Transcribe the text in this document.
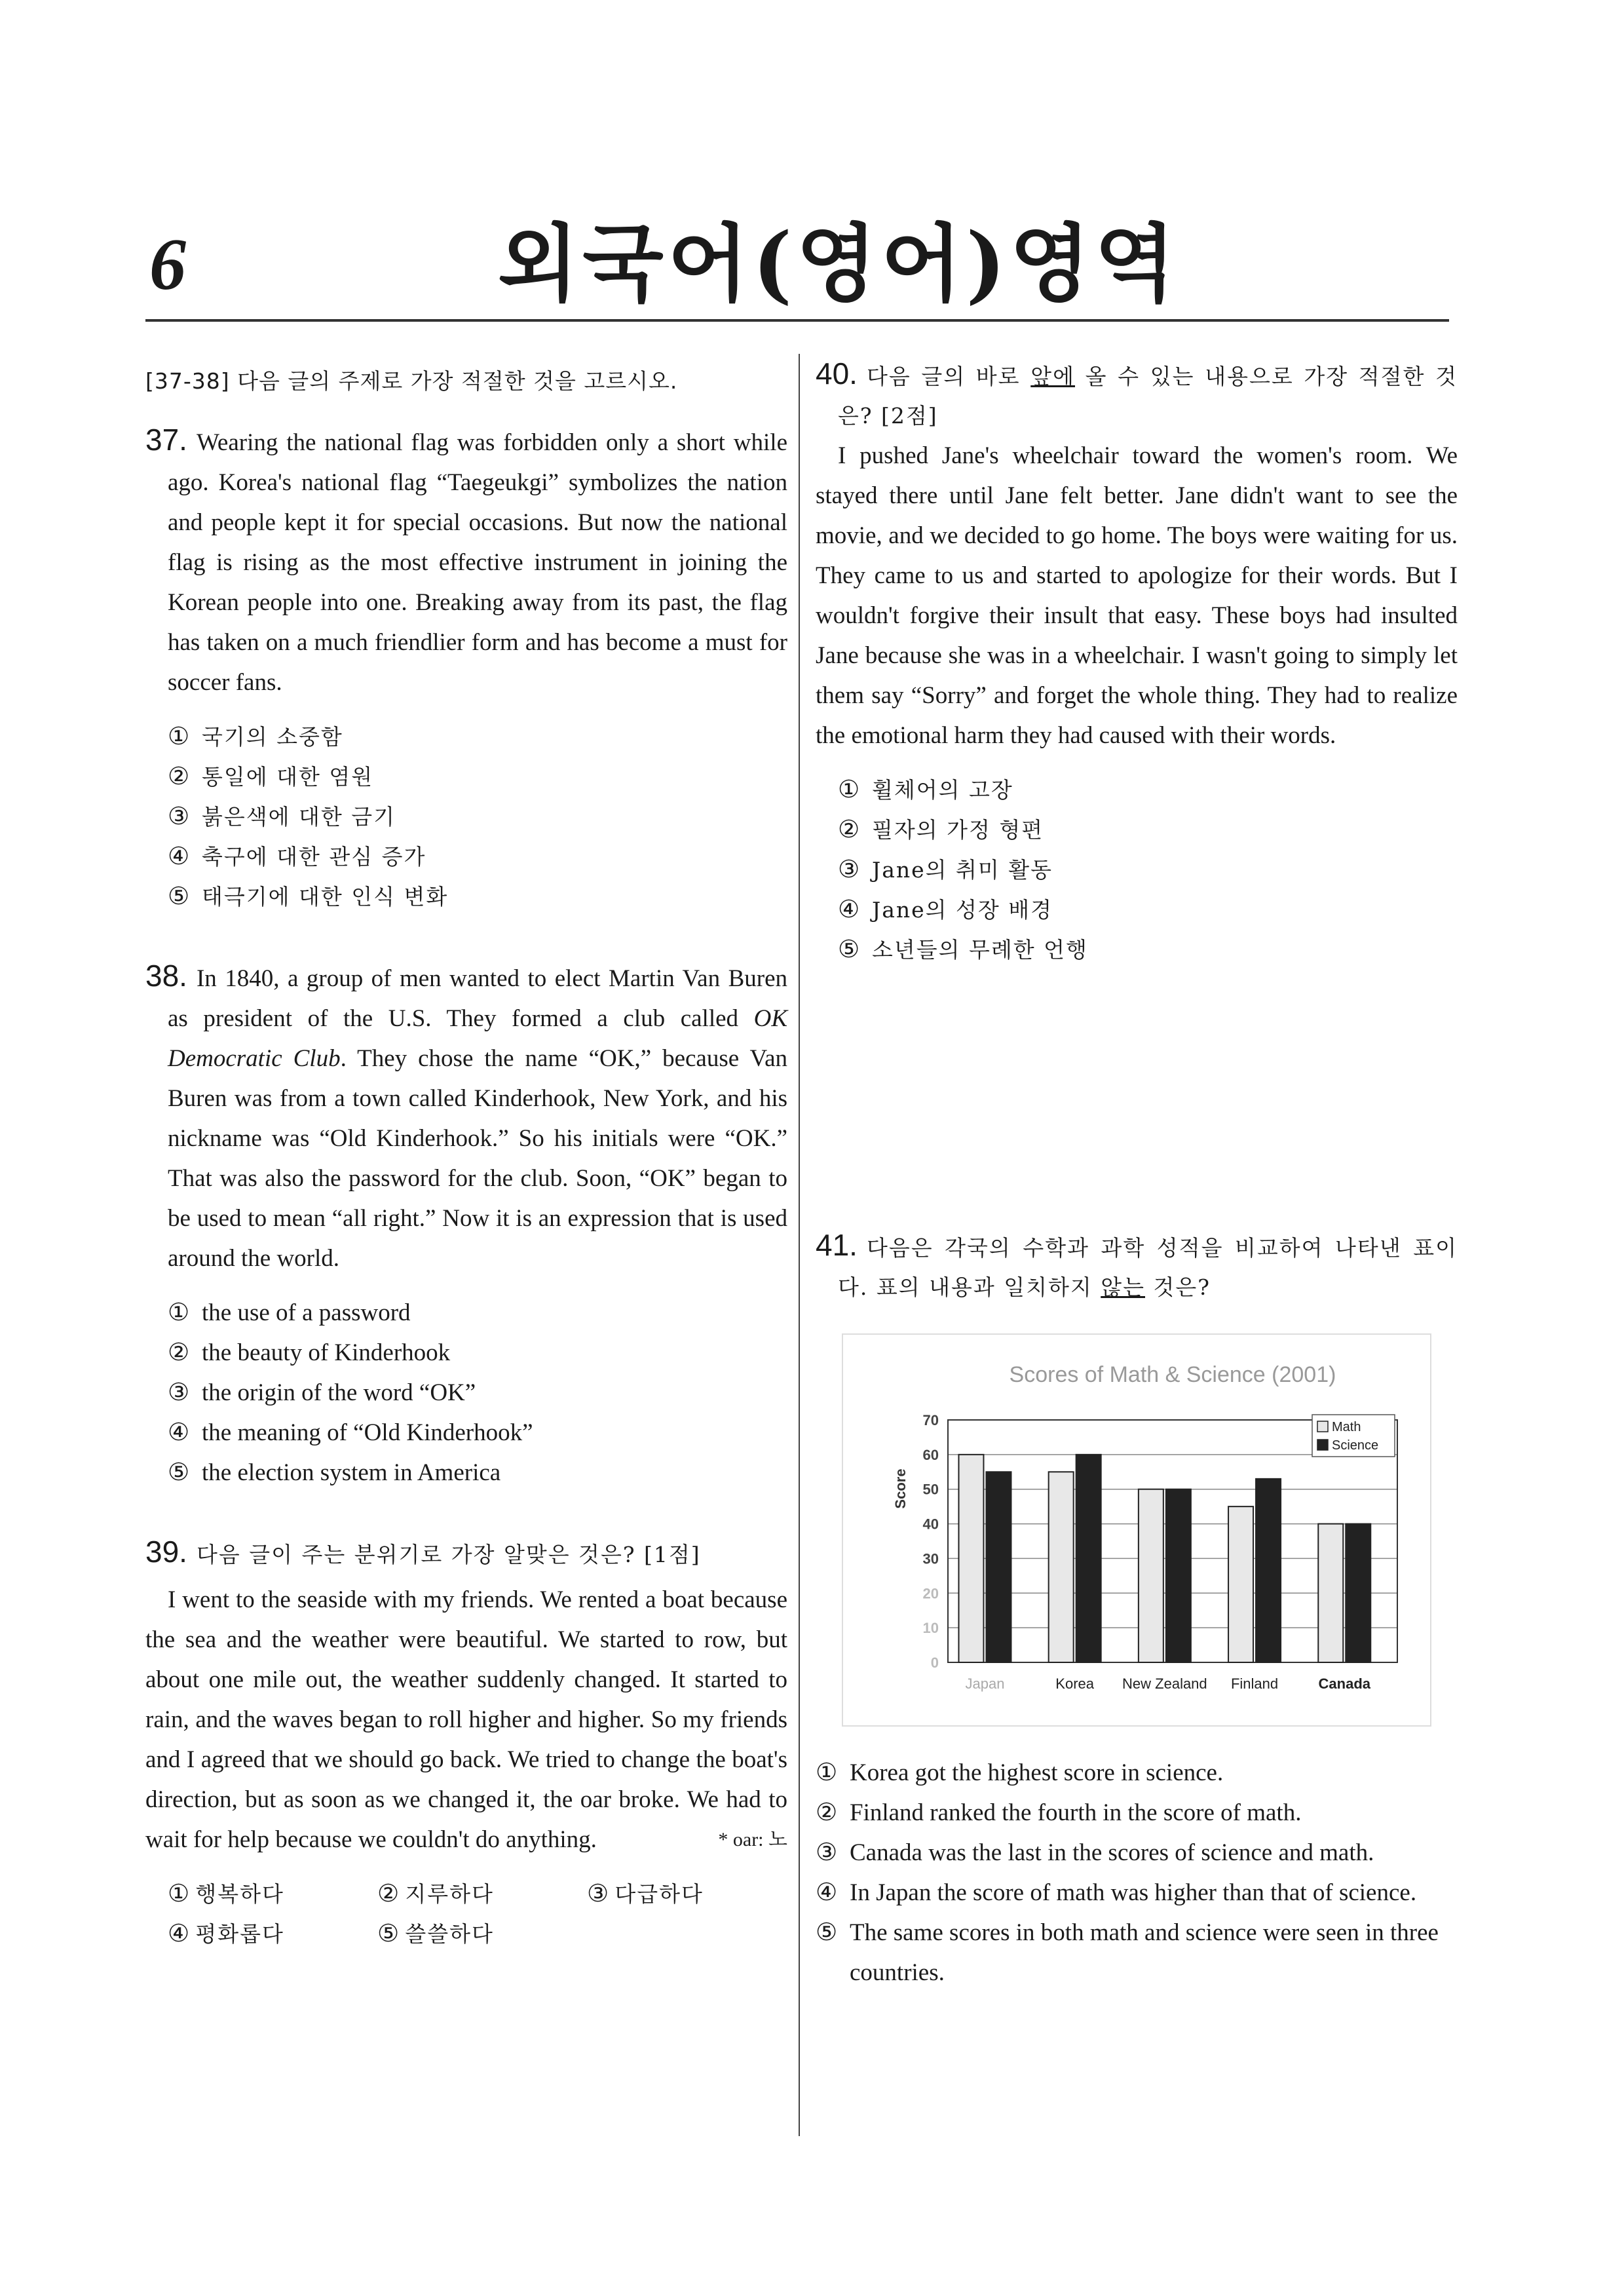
6	외국어(영어)영역
[37-38] 다음 글의 주제로 가장 적절한 것을 고르시오.
37. Wearing the national flag was forbidden only a short while ago. Korea's national flag “Taegeukgi” symbolizes the nation and people kept it for special occasions. But now the national flag is rising as the most effective instrument in joining the Korean people into one. Breaking away from its past, the flag has taken on a much friendlier form and has become a must for soccer fans.
① 국기의 소중함
② 통일에 대한 염원
③ 붉은색에 대한 금기
④ 축구에 대한 관심 증가
⑤ 태극기에 대한 인식 변화
38. In 1840, a group of men wanted to elect Martin Van Buren as president of the U.S. They formed a club called OK Democratic Club. They chose the name “OK,” because Van Buren was from a town called Kinderhook, New York, and his nickname was “Old Kinderhook.” So his initials were “OK.” That was also the password for the club. Soon, “OK” began to be used to mean “all right.” Now it is an expression that is used around the world.
① the use of a password
② the beauty of Kinderhook
③ the origin of the word “OK”
④ the meaning of “Old Kinderhook”
⑤ the election system in America
39. 다음 글이 주는 분위기로 가장 알맞은 것은? [1점]
I went to the seaside with my friends. We rented a boat because the sea and the weather were beautiful. We started to row, but about one mile out, the weather suddenly changed. It started to rain, and the waves began to roll higher and higher. So my friends and I agreed that we should go back. We tried to change the boat's direction, but as soon as we changed it, the oar broke. We had to wait for help because we couldn't do anything.	* oar: 노
① 행복하다	② 지루하다	③ 다급하다
④ 평화롭다	⑤ 쓸쓸하다
40. 다음 글의 바로 앞에 올 수 있는 내용으로 가장 적절한 것은? [2점]
I pushed Jane's wheelchair toward the women's room. We stayed there until Jane felt better. Jane didn't want to see the movie, and we decided to go home. The boys were waiting for us. They came to us and started to apologize for their words. But I wouldn't forgive their insult that easy. These boys had insulted Jane because she was in a wheelchair. I wasn't going to simply let them say “Sorry” and forget the whole thing. They had to realize the emotional harm they had caused with their words.
① 휠체어의 고장
② 필자의 가정 형편
③ Jane의 취미 활동
④ Jane의 성장 배경
⑤ 소년들의 무례한 언행
41. 다음은 각국의 수학과 과학 성적을 비교하여 나타낸 표이다. 표의 내용과 일치하지 않는 것은?
Scores of Math & Science (2001)
Score
0
10
20
30
40
50
60
70
Japan	Korea New Zealand Finland	Canada
Math
Science
① Korea got the highest score in science.
② Finland ranked the fourth in the score of math.
③ Canada was the last in the scores of science and math.
④ In Japan the score of math was higher than that of science.
⑤ The same scores in both math and science were seen in three countries.
